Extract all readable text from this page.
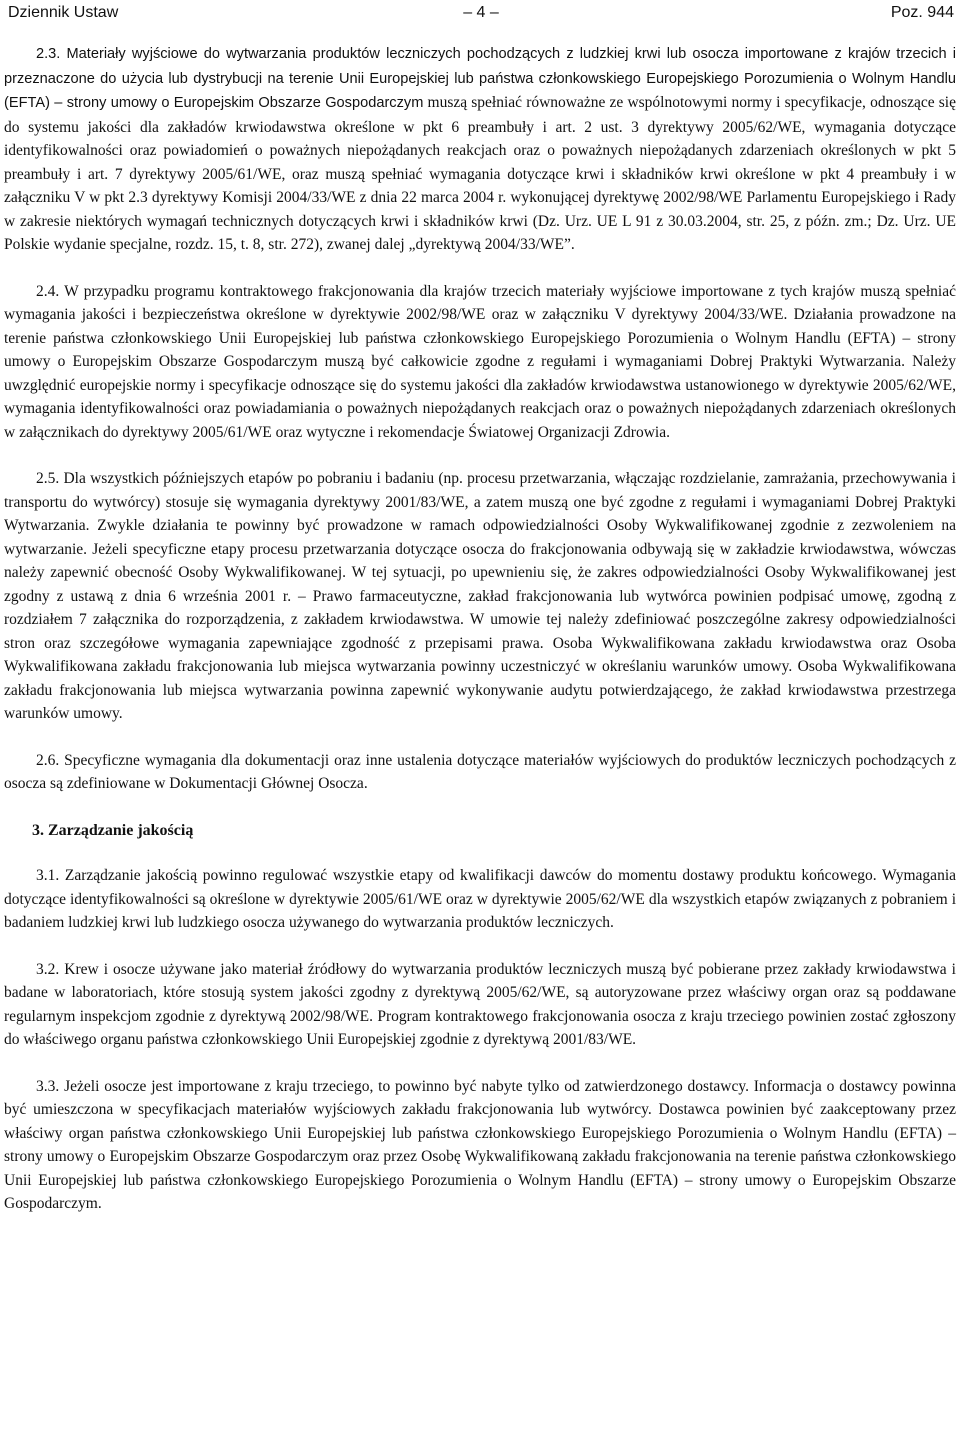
Dziennik Ustaw	– 4 –	Poz. 944

2.3. Materiały wyjściowe do wytwarzania produktów leczniczych pochodzących z ludzkiej krwi lub osocza importowane z krajów trzecich i przeznaczone do użycia lub dystrybucji na terenie Unii Europejskiej lub państwa członkowskiego Europejskiego Porozumienia o Wolnym Handlu (EFTA) – strony umowy o Europejskim Obszarze Gospodarczym muszą spełniać równoważne ze wspólnotowymi normy i specyfikacje, odnoszące się do systemu jakości dla zakładów krwiodawstwa określone w pkt 6 preambuły i art. 2 ust. 3 dyrektywy 2005/62/WE, wymagania dotyczące identyfikowalności oraz powiadomień o poważnych niepożądanych reakcjach oraz o poważnych niepożądanych zdarzeniach określonych w pkt 5 preambuły i art. 7 dyrektywy 2005/61/WE, oraz muszą spełniać wymagania dotyczące krwi i składników krwi określone w pkt 4 preambuły i w załączniku V w pkt 2.3 dyrektywy Komisji 2004/33/WE z dnia 22 marca 2004 r. wykonującej dyrektywę 2002/98/WE Parlamentu Europejskiego i Rady w zakresie niektórych wymagań technicznych dotyczących krwi i składników krwi (Dz. Urz. UE L 91 z 30.03.2004, str. 25, z późn. zm.; Dz. Urz. UE Polskie wydanie specjalne, rozdz. 15, t. 8, str. 272), zwanej dalej „dyrektywą 2004/33/WE”.

2.4. W przypadku programu kontraktowego frakcjonowania dla krajów trzecich materiały wyjściowe importowane z tych krajów muszą spełniać wymagania jakości i bezpieczeństwa określone w dyrektywie 2002/98/WE oraz w załączniku V dyrektywy 2004/33/WE. Działania prowadzone na terenie państwa członkowskiego Unii Europejskiej lub państwa członkowskiego Europejskiego Porozumienia o Wolnym Handlu (EFTA) – strony umowy o Europejskim Obszarze Gospodarczym muszą być całkowicie zgodne z regułami i wymaganiami Dobrej Praktyki Wytwarzania. Należy uwzględnić europejskie normy i specyfikacje odnoszące się do systemu jakości dla zakładów krwiodawstwa ustanowionego w dyrektywie 2005/62/WE, wymagania identyfikowalności oraz powiadamiania o poważnych niepożądanych reakcjach oraz o poważnych niepożądanych zdarzeniach określonych w załącznikach do dyrektywy 2005/61/WE oraz wytyczne i rekomendacje Światowej Organizacji Zdrowia.

2.5. Dla wszystkich późniejszych etapów po pobraniu i badaniu (np. procesu przetwarzania, włączając rozdzielanie, zamrażania, przechowywania i transportu do wytwórcy) stosuje się wymagania dyrektywy 2001/83/WE, a zatem muszą one być zgodne z regułami i wymaganiami Dobrej Praktyki Wytwarzania. Zwykle działania te powinny być prowadzone w ramach odpowiedzialności Osoby Wykwalifikowanej zgodnie z zezwoleniem na wytwarzanie. Jeżeli specyficzne etapy procesu przetwarzania dotyczące osocza do frakcjonowania odbywają się w zakładzie krwiodawstwa, wówczas należy zapewnić obecność Osoby Wykwalifikowanej. W tej sytuacji, po upewnieniu się, że zakres odpowiedzialności Osoby Wykwalifikowanej jest zgodny z ustawą z dnia 6 września 2001 r. – Prawo farmaceutyczne, zakład frakcjonowania lub wytwórca powinien podpisać umowę, zgodną z rozdziałem 7 załącznika do rozporządzenia, z zakładem krwiodawstwa. W umowie tej należy zdefiniować poszczególne zakresy odpowiedzialności stron oraz szczegółowe wymagania zapewniające zgodność z przepisami prawa. Osoba Wykwalifikowana zakładu krwiodawstwa oraz Osoba Wykwalifikowana zakładu frakcjonowania lub miejsca wytwarzania powinny uczestniczyć w określaniu warunków umowy. Osoba Wykwalifikowana zakładu frakcjonowania lub miejsca wytwarzania powinna zapewnić wykonywanie audytu potwierdzającego, że zakład krwiodawstwa przestrzega warunków umowy.

2.6. Specyficzne wymagania dla dokumentacji oraz inne ustalenia dotyczące materiałów wyjściowych do produktów leczniczych pochodzących z osocza są zdefiniowane w Dokumentacji Głównej Osocza.

3. Zarządzanie jakością

3.1. Zarządzanie jakością powinno regulować wszystkie etapy od kwalifikacji dawców do momentu dostawy produktu końcowego. Wymagania dotyczące identyfikowalności są określone w dyrektywie 2005/61/WE oraz w dyrektywie 2005/62/WE dla wszystkich etapów związanych z pobraniem i badaniem ludzkiej krwi lub ludzkiego osocza używanego do wytwarzania produktów leczniczych.

3.2. Krew i osocze używane jako materiał źródłowy do wytwarzania produktów leczniczych muszą być pobierane przez zakłady krwiodawstwa i badane w laboratoriach, które stosują system jakości zgodny z dyrektywą 2005/62/WE, są autoryzowane przez właściwy organ oraz są poddawane regularnym inspekcjom zgodnie z dyrektywą 2002/98/WE. Program kontraktowego frakcjonowania osocza z kraju trzeciego powinien zostać zgłoszony do właściwego organu państwa członkowskiego Unii Europejskiej zgodnie z dyrektywą 2001/83/WE.

3.3. Jeżeli osocze jest importowane z kraju trzeciego, to powinno być nabyte tylko od zatwierdzonego dostawcy. Informacja o dostawcy powinna być umieszczona w specyfikacjach materiałów wyjściowych zakładu frakcjonowania lub wytwórcy. Dostawca powinien być zaakceptowany przez właściwy organ państwa członkowskiego Unii Europejskiej lub państwa członkowskiego Europejskiego Porozumienia o Wolnym Handlu (EFTA) – strony umowy o Europejskim Obszarze Gospodarczym oraz przez Osobę Wykwalifikowaną zakładu frakcjonowania na terenie państwa członkowskiego Unii Europejskiej lub państwa członkowskiego Europejskiego Porozumienia o Wolnym Handlu (EFTA) – strony umowy o Europejskim Obszarze Gospodarczym.
